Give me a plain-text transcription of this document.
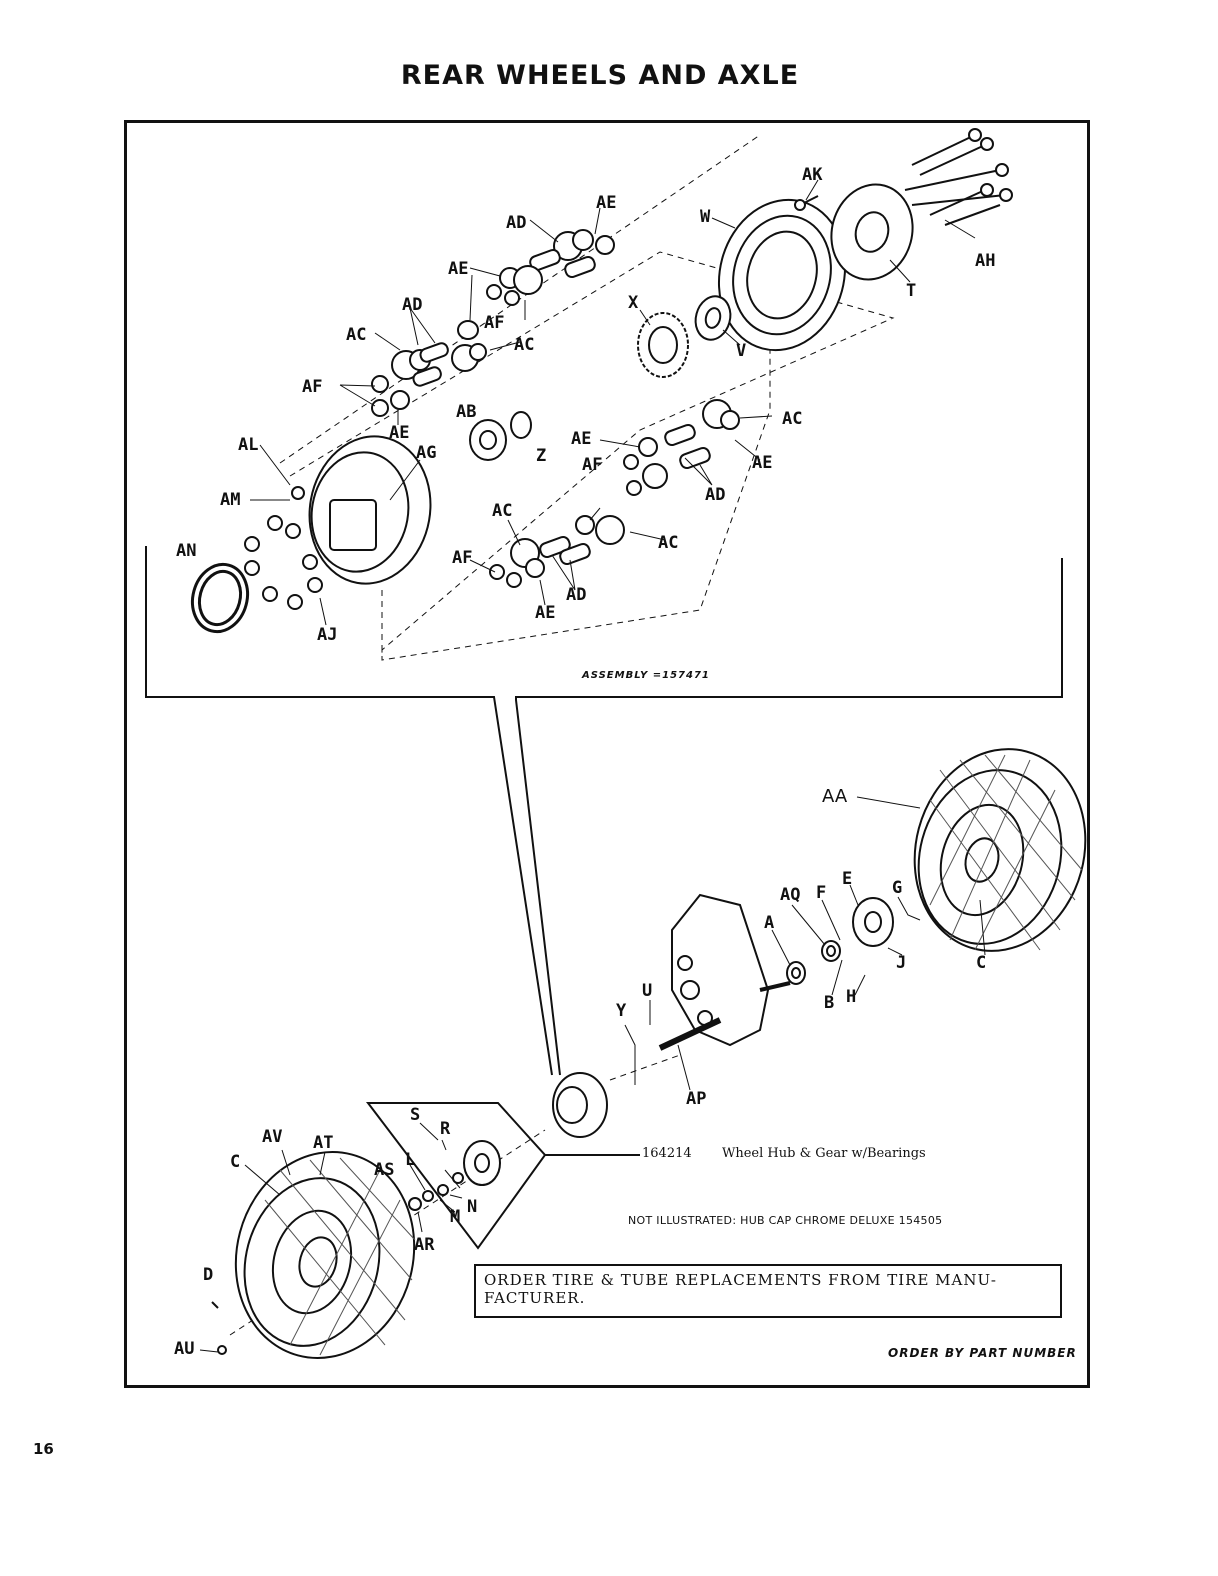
REAR WHEELS AND AXLE
AE
AK
AD	W
AH
AE
AD
AF
X
T
AC	AC	V
AF
AE
AB
Z
AC
AL	AG
AE
AF	AE
AM	AD
AC
AC
AN	AF
AD
AE
AJ
AA
AQ F
E G
A
J	C
B H
U
Y
AP
S
R
AV AT
C	AS L
N
M
AR
D
AU
ASSEMBLY =157471
164214 Wheel Hub & Gear w/Bearings
NOT ILLUSTRATED: HUB CAP CHROME DELUXE 154505
ORDER TIRE & TUBE REPLACEMENTS FROM TIRE MANU-FACTURER.
ORDER BY PART NUMBER
16
